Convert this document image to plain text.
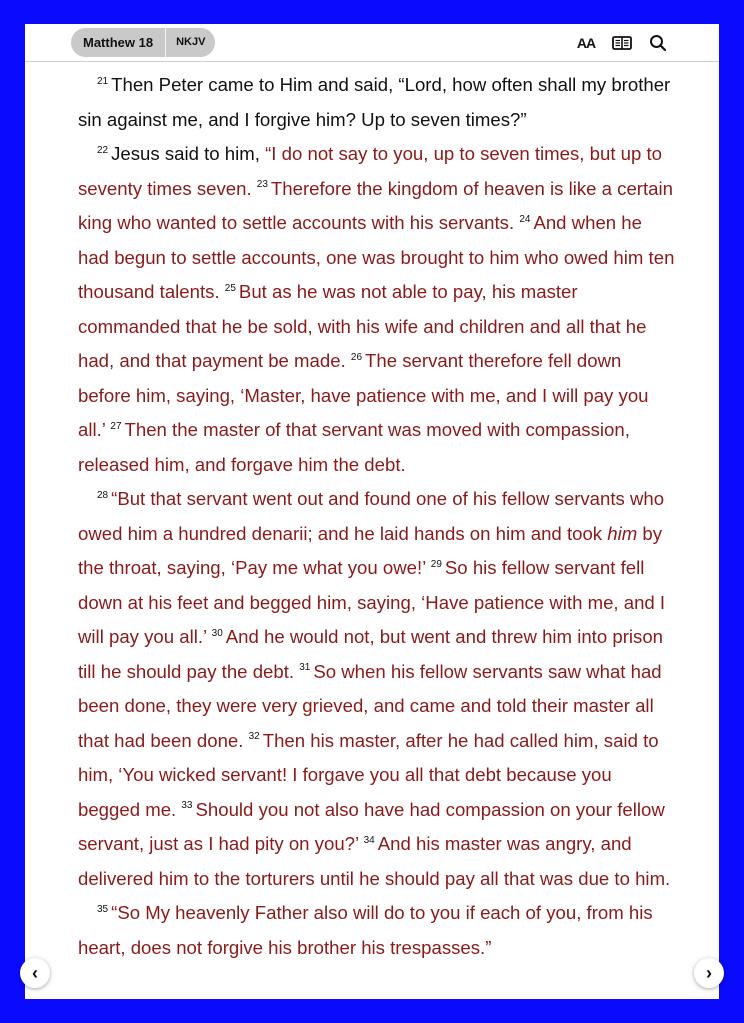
Matthew 18	NKJV	AA

$^{21}$ Then Peter came to Him and said, “Lord, how often shall my brother sin against me, and I forgive him? Up to seven times?”

$^{22}$ Jesus said to him, “I do not say to you, up to seven times, but up to seventy times seven. $^{23}$ Therefore the kingdom of heaven is like a certain king who wanted to settle accounts with his servants. $^{24}$ And when he had begun to settle accounts, one was brought to him who owed him ten thousand talents. $^{25}$ But as he was not able to pay, his master commanded that he be sold, with his wife and children and all that he had, and that payment be made. $^{26}$ The servant therefore fell down before him, saying, ‘Master, have patience with me, and I will pay you all.’ $^{27}$ Then the master of that servant was moved with compassion, released him, and forgave him the debt.

$^{28}$ “But that servant went out and found one of his fellow servants who owed him a hundred denarii; and he laid hands on him and took him by the throat, saying, ‘Pay me what you owe!’ $^{29}$ So his fellow servant fell down at his feet and begged him, saying, ‘Have patience with me, and I will pay you all.’ $^{30}$ And he would not, but went and threw him into prison till he should pay the debt. $^{31}$ So when his fellow servants saw what had been done, they were very grieved, and came and told their master all that had been done. $^{32}$ Then his master, after he had called him, said to him, ‘You wicked servant! I forgave you all that debt because you begged me. $^{33}$ Should you not also have had compassion on your fellow servant, just as I had pity on you?’ $^{34}$ And his master was angry, and delivered him to the torturers until he should pay all that was due to him.

$^{35}$ “So My heavenly Father also will do to you if each of you, from his heart, does not forgive his brother his trespasses.”

‹	›
